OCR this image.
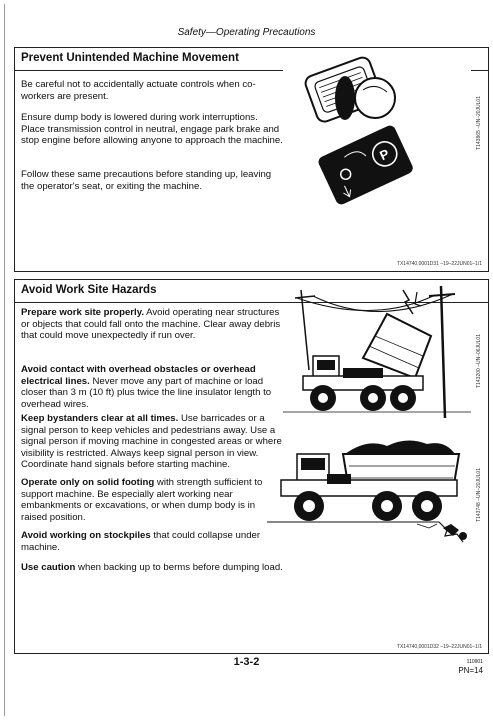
Safety—Operating Precautions
Prevent Unintended Machine Movement
Be careful not to accidentally actuate controls when co-workers are present.
Ensure dump body is lowered during work interruptions. Place transmission control in neutral, engage park brake and stop engine before allowing anyone to approach the machine.
Follow these same precautions before standing up, leaving the operator's seat, or exiting the machine.
P
T143865 –UN–20JUL01
TX14740,0001D31 –19–22JUN01–1/1
Avoid Work Site Hazards
Prepare work site properly. Avoid operating near structures or objects that could fall onto the machine. Clear away debris that could move unexpectedly if run over.
Avoid contact with overhead obstacles or overhead electrical lines. Never move any part of machine or load closer than 3 m (10 ft) plus twice the line insulator length to overhead wires.
Keep bystanders clear at all times. Use barricades or a signal person to keep vehicles and pedestrians away. Use a signal person if moving machine in congested areas or where visibility is restricted. Always keep signal person in view. Coordinate hand signals before starting machine.
Operate only on solid footing with strength sufficient to support machine. Be especially alert working near embankments or excavations, or when dump body is in raised position.
Avoid working on stockpiles that could collapse under machine.
Use caution when backing up to berms before dumping load.
T143200 –UN–06JUL01
T143748 –UN–20JUL01
TX14740,0001D32 –19–22JUN01–1/1
1-3-2	110901
PN=14
